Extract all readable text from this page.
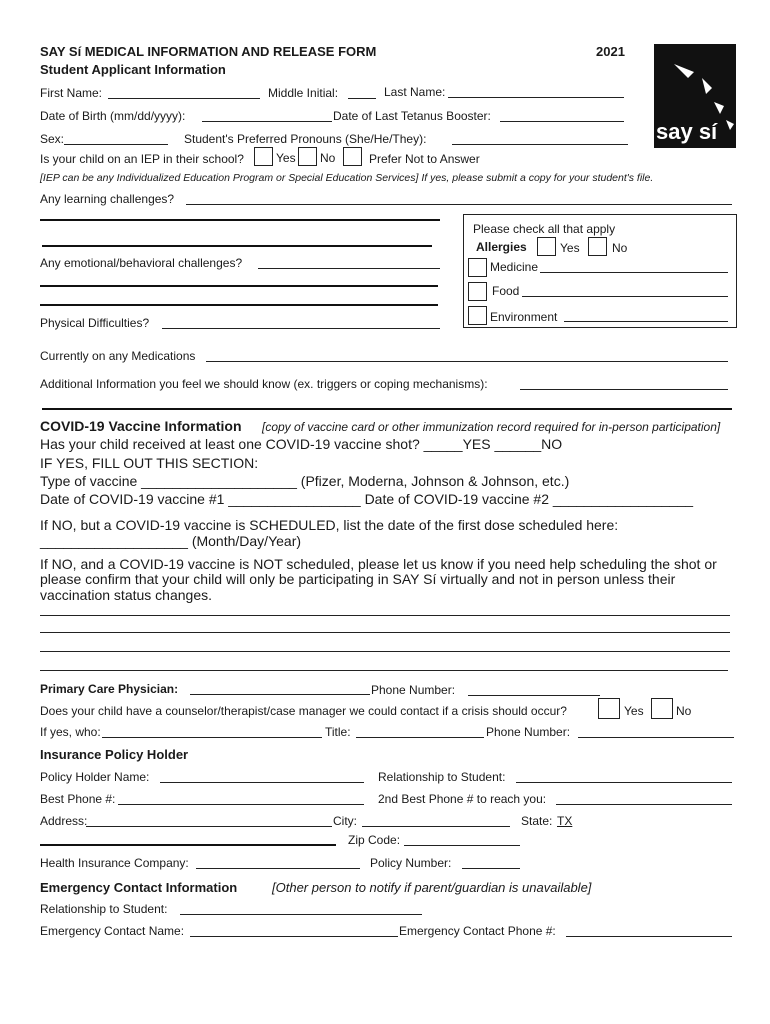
SAY Sí MEDICAL INFORMATION AND RELEASE FORM	2021
Student Applicant Information
say sí
First Name:	Middle Initial:	Last Name:
Date of Birth (mm/dd/yyyy):	Date of Last Tetanus Booster:
Sex:	Student's Preferred Pronouns (She/He/They):
Is your child on an IEP in their school?	Yes No	Prefer Not to Answer
[IEP can be any Individualized Education Program or Special Education Services] If yes, please submit a copy for your student's file.
Any learning challenges?
Any emotional/behavioral challenges?
Physical Difficulties?
Please check all that apply
Allergies	Yes	No
Medicine
Food
Environment
Currently on any Medications
Additional Information you feel we should know (ex. triggers or coping mechanisms):
COVID-19 Vaccine Information [copy of vaccine card or other immunization record required for in-person participation]
Has your child received at least one COVID-19 vaccine shot? _____YES ______NO
IF YES, FILL OUT THIS SECTION:
Type of vaccine ____________________ (Pfizer, Moderna, Johnson & Johnson, etc.)
Date of COVID-19 vaccine #1 _________________ Date of COVID-19 vaccine #2 __________________
If NO, but a COVID-19 vaccine is SCHEDULED, list the date of the first dose scheduled here:
___________________ (Month/Day/Year)
If NO, and a COVID-19 vaccine is NOT scheduled, please let us know if you need help scheduling the shot or
please confirm that your child will only be participating in SAY Sí virtually and not in person unless their
vaccination status changes.
Primary Care Physician:	Phone Number:
Does your child have a counselor/therapist/case manager we could contact if a crisis should occur?	Yes	No
If yes, who:	Title:	Phone Number:
Insurance Policy Holder
Policy Holder Name:	Relationship to Student:
Best Phone #:	2nd Best Phone # to reach you:
Address:	City:	State: TX
Zip Code:
Health Insurance Company:	Policy Number:
Emergency Contact Information	[Other person to notify if parent/guardian is unavailable]
Relationship to Student:
Emergency Contact Name:	Emergency Contact Phone #:
